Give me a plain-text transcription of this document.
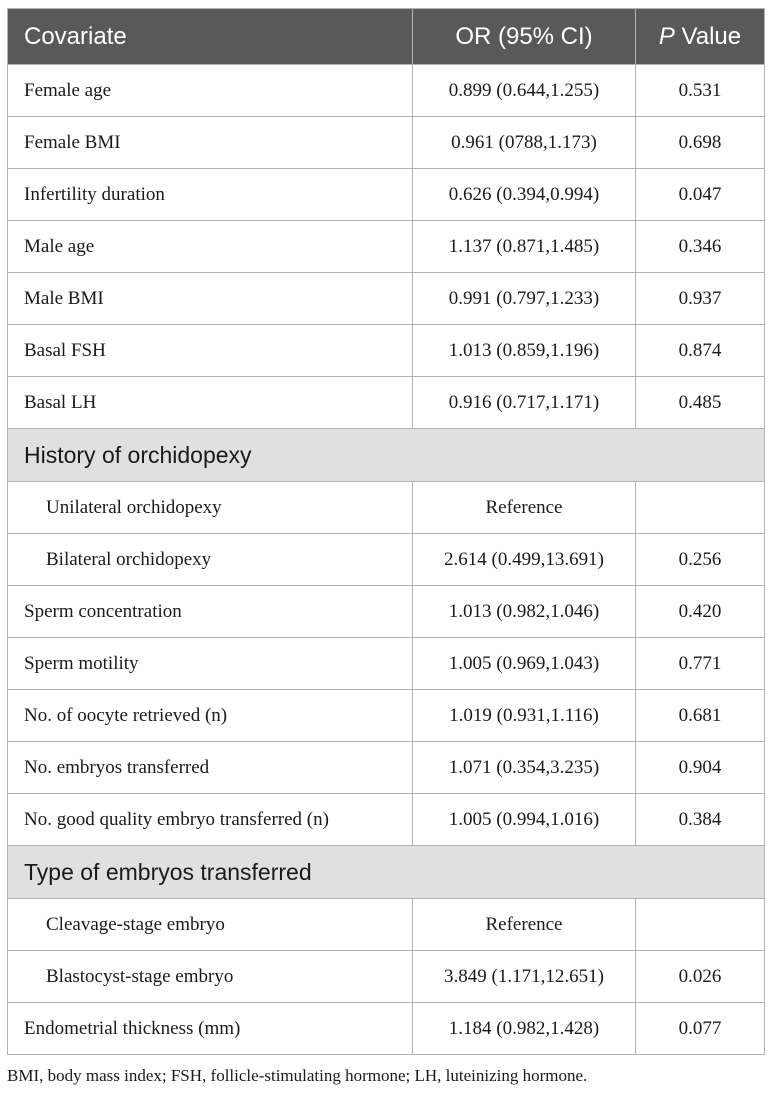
Covariate	OR (95% CI)	P Value
Female age	0.899 (0.644,1.255)	0.531
Female BMI	0.961 (0788,1.173)	0.698
Infertility duration	0.626 (0.394,0.994)	0.047
Male age	1.137 (0.871,1.485)	0.346
Male BMI	0.991 (0.797,1.233)	0.937
Basal FSH	1.013 (0.859,1.196)	0.874
Basal LH	0.916 (0.717,1.171)	0.485
History of orchidopexy		
Unilateral orchidopexy	Reference	
Bilateral orchidopexy	2.614 (0.499,13.691)	0.256
Sperm concentration	1.013 (0.982,1.046)	0.420
Sperm motility	1.005 (0.969,1.043)	0.771
No. of oocyte retrieved (n)	1.019 (0.931,1.116)	0.681
No. embryos transferred	1.071 (0.354,3.235)	0.904
No. good quality embryo transferred (n)	1.005 (0.994,1.016)	0.384
Type of embryos transferred		
Cleavage-stage embryo	Reference	
Blastocyst-stage embryo	3.849 (1.171,12.651)	0.026
Endometrial thickness (mm)	1.184 (0.982,1.428)	0.077
BMI, body mass index; FSH, follicle-stimulating hormone; LH, luteinizing hormone.
